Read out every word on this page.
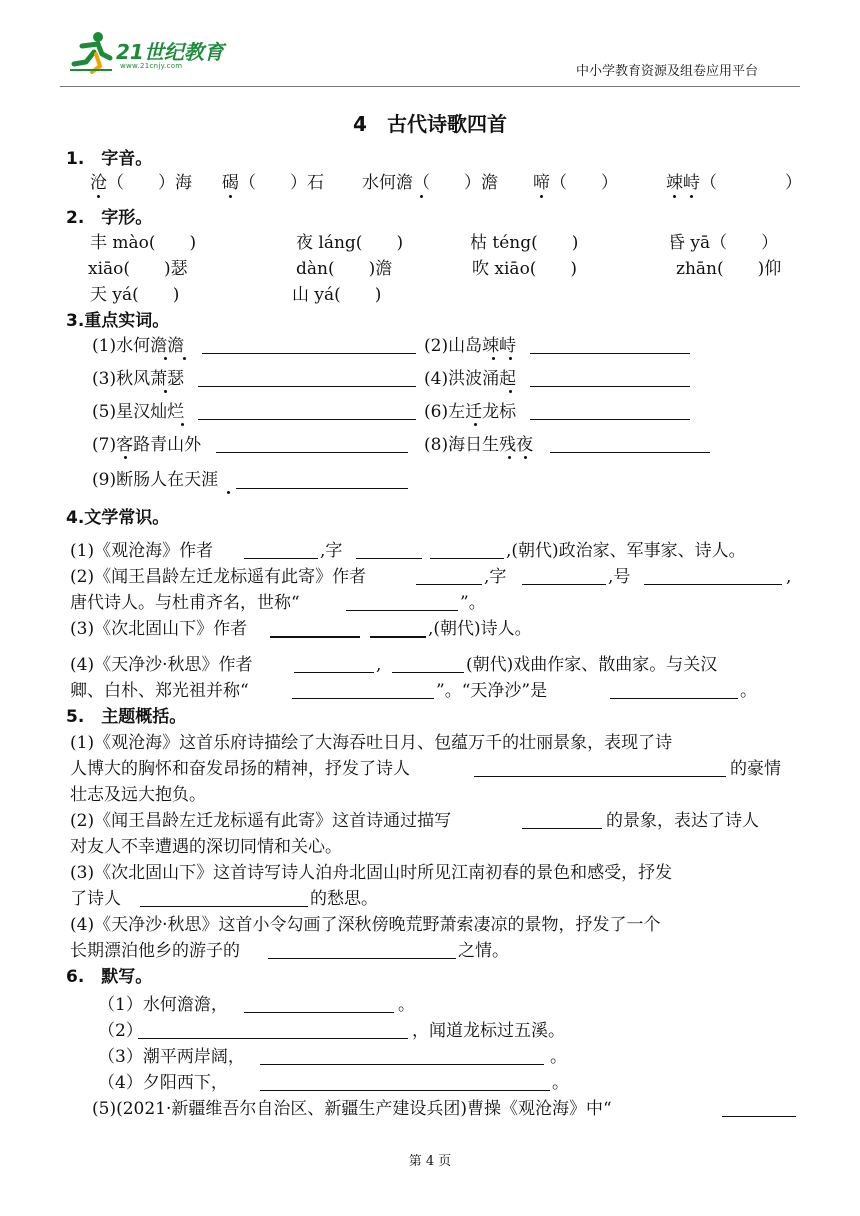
21世纪教育
www.21cnjy.com	中小学教育资源及组卷应用平台
4　古代诗歌四首
1.　字音。
沧（　　）海 碣（　　）石 水何澹（　　）澹 啼（　　）	竦峙（　　　　）
2.　字形。
丰 mào(　　)	夜 láng(　　)	枯 téng(　　)	昏 yā（　　）
xiāo(　　)瑟	dàn(　　)澹	吹 xiāo(　　)	zhān(　　)仰
天 yá(　　)	山 yá(　　)
3.重点实词。
(1)水何澹澹	(2)山岛竦峙
(3)秋风萧瑟	(4)洪波涌起
(5)星汉灿烂	(6)左迁龙标
(7)客路青山外	(8)海日生残夜
(9)断肠人在天涯
4.文学常识。
(1)《观沧海》作者	,字	,(朝代)政治家、军事家、诗人。
(2)《闻王昌龄左迁龙标遥有此寄》作者	,字	,号	,
唐代诗人。与杜甫齐名，世称“	”。
(3)《次北固山下》作者	,(朝代)诗人。
(4)《天净沙·秋思》作者	,	(朝代)戏曲作家、散曲家。与关汉
卿、白朴、郑光祖并称“	”。“天净沙”是	。
5.　主题概括。
(1)《观沧海》这首乐府诗描绘了大海吞吐日月、包蕴万千的壮丽景象，表现了诗
人博大的胸怀和奋发昂扬的精神，抒发了诗人	的豪情
壮志及远大抱负。
(2)《闻王昌龄左迁龙标遥有此寄》这首诗通过描写	的景象，表达了诗人
对友人不幸遭遇的深切同情和关心。
(3)《次北固山下》这首诗写诗人泊舟北固山时所见江南初春的景色和感受，抒发
了诗人	的愁思。
(4)《天净沙·秋思》这首小令勾画了深秋傍晚荒野萧索凄凉的景物，抒发了一个
长期漂泊他乡的游子的	之情。
6.　默写。
（1）水何澹澹，	。
（2）	，闻道龙标过五溪。
（3）潮平两岸阔，	。
（4）夕阳西下，	。
(5)(2021·新疆维吾尔自治区、新疆生产建设兵团)曹操《观沧海》中“
第 4 页
